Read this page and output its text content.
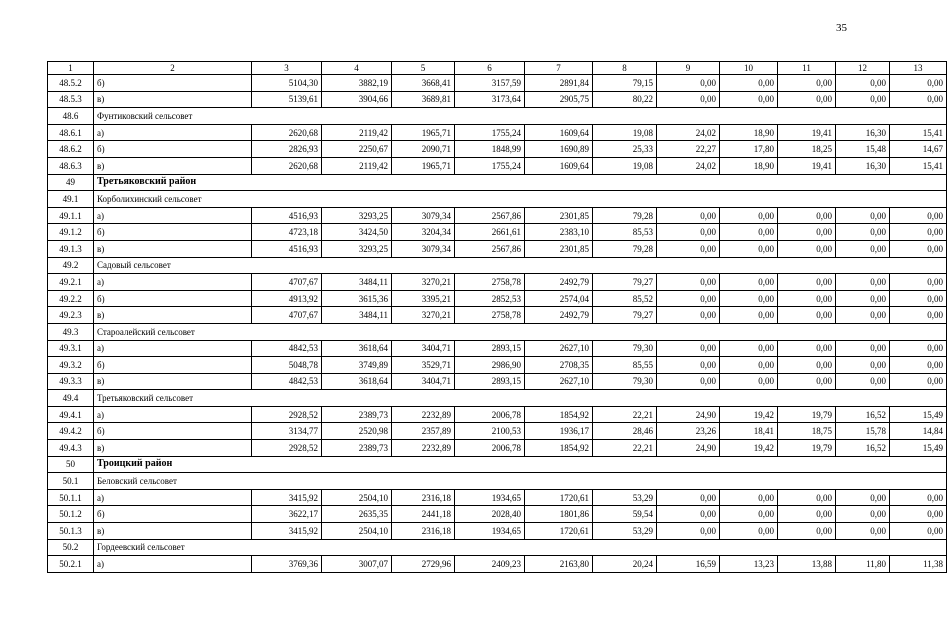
35
1	2	3	4	5	6	7	8	9	10	11	12	13
48.5.2	б)	5104,30	3882,19	3668,41	3157,59	2891,84	79,15	0,00	0,00	0,00	0,00	0,00
48.5.3	в)	5139,61	3904,66	3689,81	3173,64	2905,75	80,22	0,00	0,00	0,00	0,00	0,00
48.6	Фунтиковский сельсовет											
48.6.1	а)	2620,68	2119,42	1965,71	1755,24	1609,64	19,08	24,02	18,90	19,41	16,30	15,41
48.6.2	б)	2826,93	2250,67	2090,71	1848,99	1690,89	25,33	22,27	17,80	18,25	15,48	14,67
48.6.3	в)	2620,68	2119,42	1965,71	1755,24	1609,64	19,08	24,02	18,90	19,41	16,30	15,41
49	Третьяковский район											
49.1	Корболихинский сельсовет											
49.1.1	а)	4516,93	3293,25	3079,34	2567,86	2301,85	79,28	0,00	0,00	0,00	0,00	0,00
49.1.2	б)	4723,18	3424,50	3204,34	2661,61	2383,10	85,53	0,00	0,00	0,00	0,00	0,00
49.1.3	в)	4516,93	3293,25	3079,34	2567,86	2301,85	79,28	0,00	0,00	0,00	0,00	0,00
49.2	Садовый сельсовет											
49.2.1	а)	4707,67	3484,11	3270,21	2758,78	2492,79	79,27	0,00	0,00	0,00	0,00	0,00
49.2.2	б)	4913,92	3615,36	3395,21	2852,53	2574,04	85,52	0,00	0,00	0,00	0,00	0,00
49.2.3	в)	4707,67	3484,11	3270,21	2758,78	2492,79	79,27	0,00	0,00	0,00	0,00	0,00
49.3	Староалейский сельсовет											
49.3.1	а)	4842,53	3618,64	3404,71	2893,15	2627,10	79,30	0,00	0,00	0,00	0,00	0,00
49.3.2	б)	5048,78	3749,89	3529,71	2986,90	2708,35	85,55	0,00	0,00	0,00	0,00	0,00
49.3.3	в)	4842,53	3618,64	3404,71	2893,15	2627,10	79,30	0,00	0,00	0,00	0,00	0,00
49.4	Третьяковский сельсовет											
49.4.1	а)	2928,52	2389,73	2232,89	2006,78	1854,92	22,21	24,90	19,42	19,79	16,52	15,49
49.4.2	б)	3134,77	2520,98	2357,89	2100,53	1936,17	28,46	23,26	18,41	18,75	15,78	14,84
49.4.3	в)	2928,52	2389,73	2232,89	2006,78	1854,92	22,21	24,90	19,42	19,79	16,52	15,49
50	Троицкий район											
50.1	Беловский сельсовет											
50.1.1	а)	3415,92	2504,10	2316,18	1934,65	1720,61	53,29	0,00	0,00	0,00	0,00	0,00
50.1.2	б)	3622,17	2635,35	2441,18	2028,40	1801,86	59,54	0,00	0,00	0,00	0,00	0,00
50.1.3	в)	3415,92	2504,10	2316,18	1934,65	1720,61	53,29	0,00	0,00	0,00	0,00	0,00
50.2	Гордеевский сельсовет											
50.2.1	а)	3769,36	3007,07	2729,96	2409,23	2163,80	20,24	16,59	13,23	13,88	11,80	11,38
